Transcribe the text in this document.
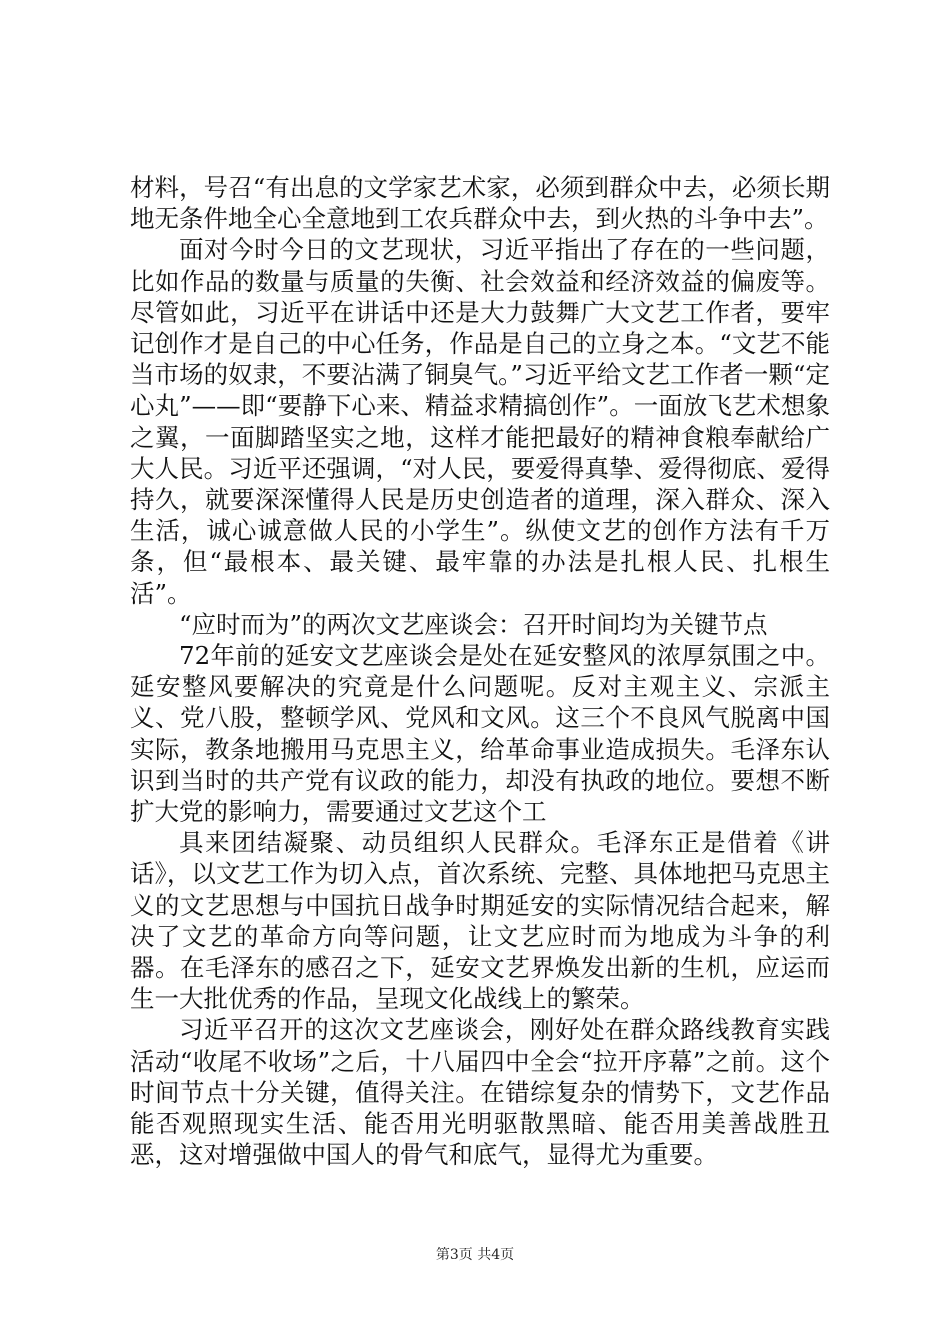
材料，号召“有出息的文学家艺术家，必须到群众中去，必须长期地无条件地全心全意地到工农兵群众中去，到火热的斗争中去”。

面对今时今日的文艺现状，习近平指出了存在的一些问题，比如作品的数量与质量的失衡、社会效益和经济效益的偏废等。尽管如此，习近平在讲话中还是大力鼓舞广大文艺工作者，要牢记创作才是自己的中心任务，作品是自己的立身之本。“文艺不能当市场的奴隶，不要沾满了铜臭气。”习近平给文艺工作者一颗“定心丸”——即“要静下心来、精益求精搞创作”。一面放飞艺术想象之翼，一面脚踏坚实之地，这样才能把最好的精神食粮奉献给广大人民。习近平还强调，“对人民，要爱得真挚、爱得彻底、爱得持久，就要深深懂得人民是历史创造者的道理，深入群众、深入生活，诚心诚意做人民的小学生”。纵使文艺的创作方法有千万条，但“最根本、最关键、最牢靠的办法是扎根人民、扎根生活”。

“应时而为”的两次文艺座谈会：召开时间均为关键节点

72年前的延安文艺座谈会是处在延安整风的浓厚氛围之中。延安整风要解决的究竟是什么问题呢。反对主观主义、宗派主义、党八股，整顿学风、党风和文风。这三个不良风气脱离中国实际，教条地搬用马克思主义，给革命事业造成损失。毛泽东认识到当时的共产党有议政的能力，却没有执政的地位。要想不断扩大党的影响力，需要通过文艺这个工

具来团结凝聚、动员组织人民群众。毛泽东正是借着《讲话》，以文艺工作为切入点，首次系统、完整、具体地把马克思主义的文艺思想与中国抗日战争时期延安的实际情况结合起来，解决了文艺的革命方向等问题，让文艺应时而为地成为斗争的利器。在毛泽东的感召之下，延安文艺界焕发出新的生机，应运而生一大批优秀的作品，呈现文化战线上的繁荣。

习近平召开的这次文艺座谈会，刚好处在群众路线教育实践活动“收尾不收场”之后，十八届四中全会“拉开序幕”之前。这个时间节点十分关键，值得关注。在错综复杂的情势下，文艺作品能否观照现实生活、能否用光明驱散黑暗、能否用美善战胜丑恶，这对增强做中国人的骨气和底气，显得尤为重要。

第3页 共4页
